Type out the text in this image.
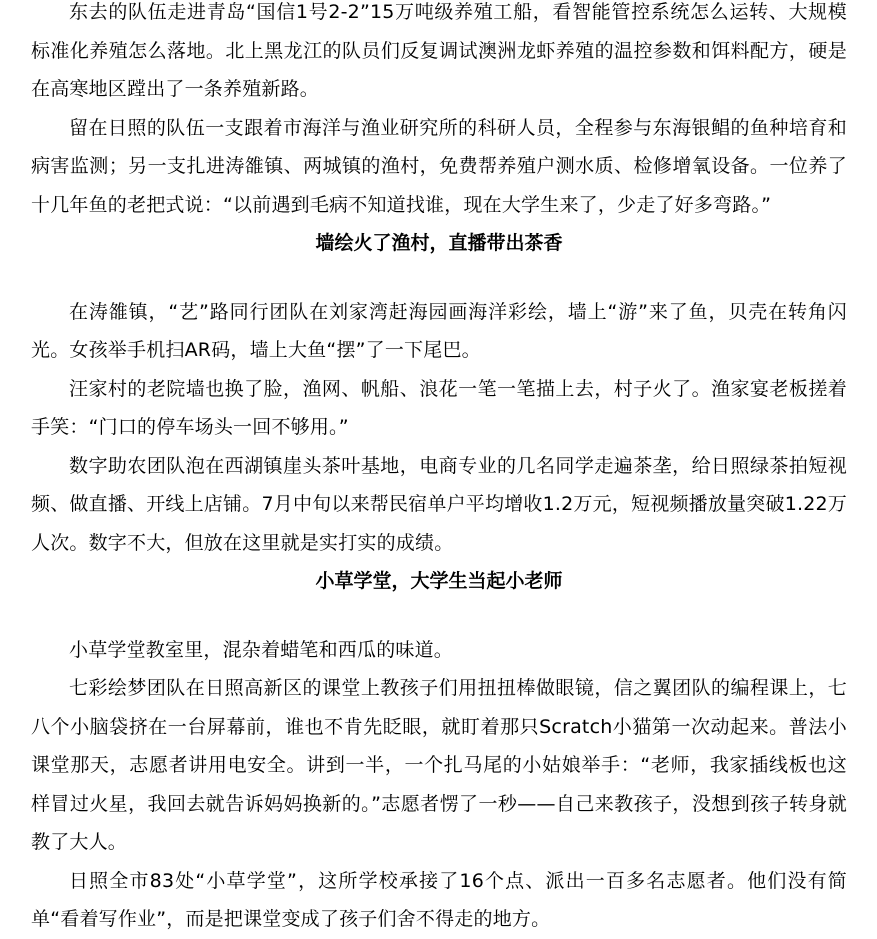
东去的队伍走进青岛“国信1号2-2”15万吨级养殖工船，看智能管控系统怎么运转、大规模标准化养殖怎么落地。北上黑龙江的队员们反复调试澳洲龙虾养殖的温控参数和饵料配方，硬是在高寒地区蹚出了一条养殖新路。

留在日照的队伍一支跟着市海洋与渔业研究所的科研人员，全程参与东海银鲳的鱼种培育和病害监测；另一支扎进涛雒镇、两城镇的渔村，免费帮养殖户测水质、检修增氧设备。一位养了十几年鱼的老把式说：“以前遇到毛病不知道找谁，现在大学生来了，少走了好多弯路。”

墙绘火了渔村，直播带出茶香

在涛雒镇，“艺”路同行团队在刘家湾赶海园画海洋彩绘，墙上“游”来了鱼，贝壳在转角闪光。女孩举手机扫AR码，墙上大鱼“摆”了一下尾巴。

汪家村的老院墙也换了脸，渔网、帆船、浪花一笔一笔描上去，村子火了。渔家宴老板搓着手笑：“门口的停车场头一回不够用。”

数字助农团队泡在西湖镇崖头茶叶基地，电商专业的几名同学走遍茶垄，给日照绿茶拍短视频、做直播、开线上店铺。7月中旬以来帮民宿单户平均增收1.2万元，短视频播放量突破1.22万人次。数字不大，但放在这里就是实打实的成绩。

小草学堂，大学生当起小老师

小草学堂教室里，混杂着蜡笔和西瓜的味道。

七彩绘梦团队在日照高新区的课堂上教孩子们用扭扭棒做眼镜，信之翼团队的编程课上，七八个小脑袋挤在一台屏幕前，谁也不肯先眨眼，就盯着那只Scratch小猫第一次动起来。普法小课堂那天，志愿者讲用电安全。讲到一半，一个扎马尾的小姑娘举手：“老师，我家插线板也这样冒过火星，我回去就告诉妈妈换新的。”志愿者愣了一秒——自己来教孩子，没想到孩子转身就教了大人。

日照全市83处“小草学堂”，这所学校承接了16个点、派出一百多名志愿者。他们没有简单“看着写作业”，而是把课堂变成了孩子们舍不得走的地方。
